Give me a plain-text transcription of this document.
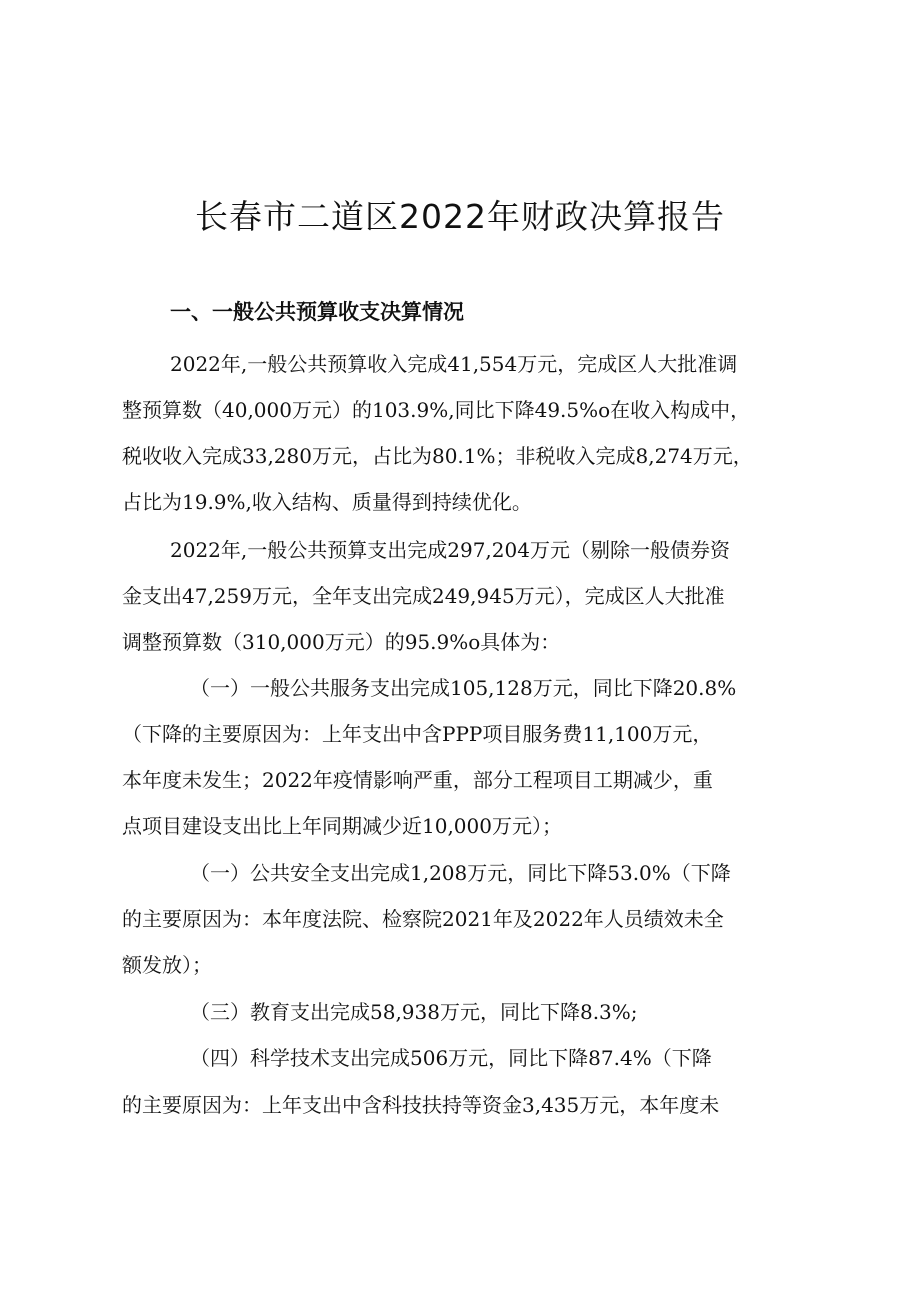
长春市二道区2022年财政决算报告
一、一般公共预算收支决算情况
2022年,一般公共预算收入完成41,554万元，完成区人大批准调
整预算数（40,000万元）的103.9%,同比下降49.5%o在收入构成中，
税收收入完成33,280万元，占比为80.1%；非税收入完成8,274万元，
占比为19.9%,收入结构、质量得到持续优化。
2022年,一般公共预算支出完成297,204万元（剔除一般债券资
金支出47,259万元，全年支出完成249,945万元），完成区人大批准
调整预算数（310,000万元）的95.9%o具体为：
（一）一般公共服务支出完成105,128万元，同比下降20.8%
（下降的主要原因为：上年支出中含PPP项目服务费11,100万元，
本年度未发生；2022年疫情影响严重，部分工程项目工期减少，重
点项目建设支出比上年同期减少近10,000万元）；
（一）公共安全支出完成1,208万元，同比下降53.0%（下降
的主要原因为：本年度法院、检察院2021年及2022年人员绩效未全
额发放）；
（三）教育支出完成58,938万元，同比下降8.3%;
（四）科学技术支出完成506万元，同比下降87.4%（下降
的主要原因为：上年支出中含科技扶持等资金3,435万元，本年度未
